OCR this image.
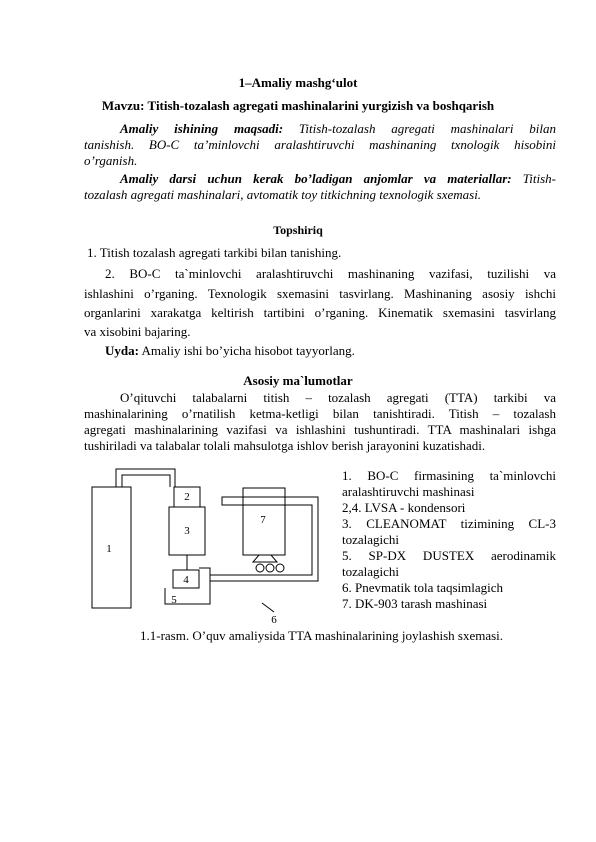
1–Amaliy mashg‘ulot
Mavzu: Titish-tozalash agregati mashinalarini yurgizish va boshqarish
Amaliy ishining maqsadi: Titish-tozalash agregati mashinalari bilan
tanishish. BO-C ta’minlovchi aralashtiruvchi mashinaning txnologik hisobini
o’rganish.
Amaliy darsi uchun kerak bo’ladigan anjomlar va materiallar: Titish-
tozalash agregati mashinalari, avtomatik toy titkichning texnologik sxemasi.
Topshiriq
1. Titish tozalash agregati tarkibi bilan tanishing.
2. BO-C ta`minlovchi aralashtiruvchi mashinaning vazifasi, tuzilishi va
ishlashini o’rganing. Texnologik sxemasini tasvirlang. Mashinaning asosiy ishchi
organlarini xarakatga keltirish tartibini o’rganing. Kinematik sxemasini tasvirlang
va xisobini bajaring.
Uyda: Amaliy ishi bo’yicha hisobot tayyorlang.
Asosiy ma`lumotlar
O’qituvchi talabalarni titish – tozalash agregati (TTA) tarkibi va
mashinalarining o’rnatilish ketma-ketligi bilan tanishtiradi. Titish – tozalash
agregati mashinalarining vazifasi va ishlashini tushuntiradi. TTA mashinalari ishga
tushiriladi va talabalar tolali mahsulotga ishlov berish jarayonini kuzatishadi.
1
2
3
4
5
6
7
1. BO-C firmasining ta`minlovchi
aralashtiruvchi mashinasi
2,4. LVSA - kondensori
3. CLEANOMAT tizimining CL-3
tozalagichi
5. SP-DX DUSTEX aerodinamik
tozalagichi
6. Pnevmatik tola taqsimlagich
7. DK-903 tarash mashinasi
1.1-rasm. O’quv amaliysida TTA mashinalarining joylashish sxemasi.
